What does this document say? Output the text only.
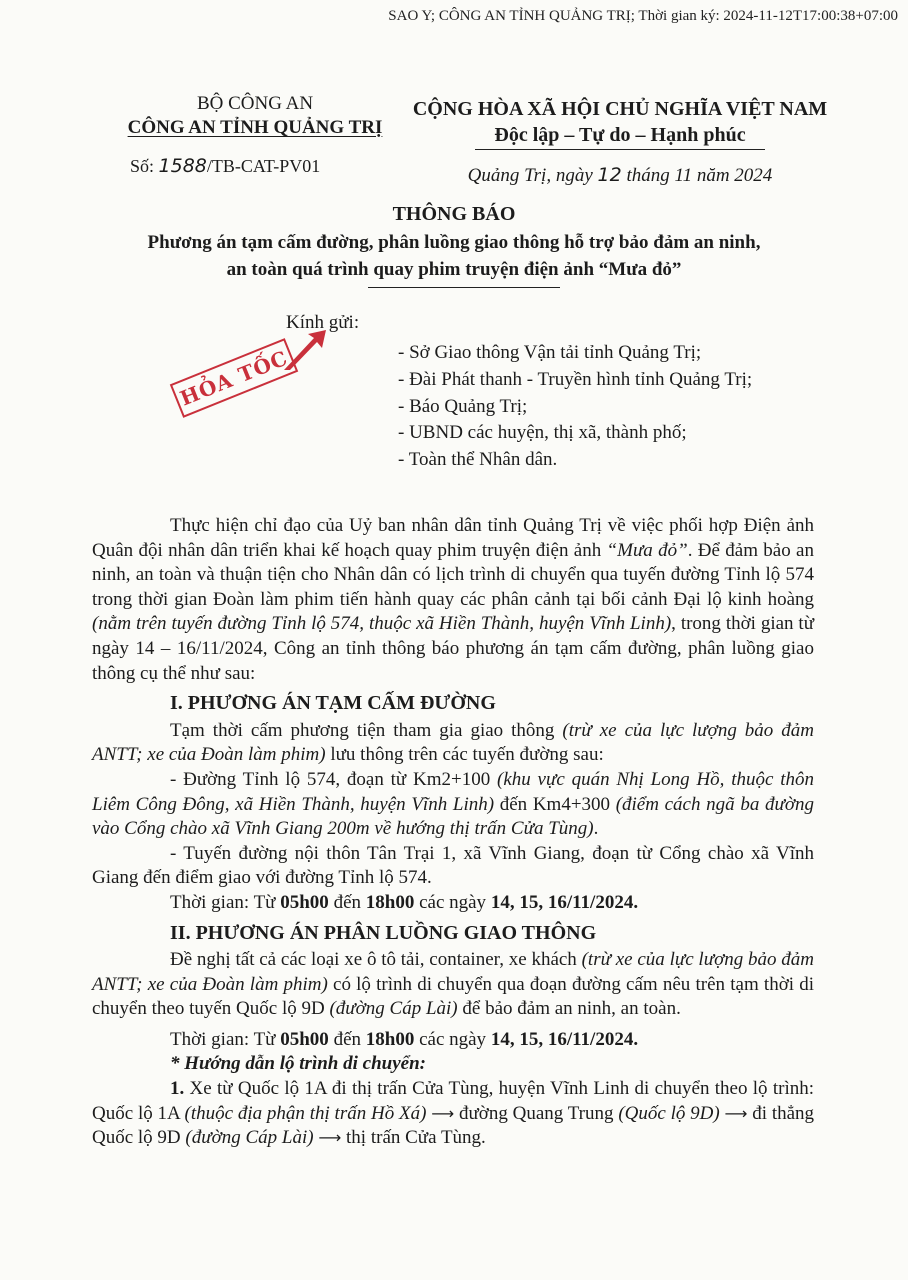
SAO Y; CÔNG AN TỈNH QUẢNG TRỊ; Thời gian ký: 2024-11-12T17:00:38+07:00
BỘ CÔNG AN
CÔNG AN TỈNH QUẢNG TRỊ
Số: 1588/TB-CAT-PV01
CỘNG HÒA XÃ HỘI CHỦ NGHĨA VIỆT NAM
Độc lập – Tự do – Hạnh phúc
Quảng Trị, ngày 12 tháng 11 năm 2024
THÔNG BÁO
Phương án tạm cấm đường, phân luồng giao thông hỗ trợ bảo đảm an ninh,
an toàn quá trình quay phim truyện điện ảnh “Mưa đỏ”
HỎA TỐC
Kính gửi:
- Sở Giao thông Vận tải tỉnh Quảng Trị;
- Đài Phát thanh - Truyền hình tỉnh Quảng Trị;
- Báo Quảng Trị;
- UBND các huyện, thị xã, thành phố;
- Toàn thể Nhân dân.

Thực hiện chỉ đạo của Uỷ ban nhân dân tỉnh Quảng Trị về việc phối hợp Điện ảnh Quân đội nhân dân triển khai kế hoạch quay phim truyện điện ảnh “Mưa đỏ”. Để đảm bảo an ninh, an toàn và thuận tiện cho Nhân dân có lịch trình di chuyển qua tuyến đường Tỉnh lộ 574 trong thời gian Đoàn làm phim tiến hành quay các phân cảnh tại bối cảnh Đại lộ kinh hoàng (nằm trên tuyến đường Tỉnh lộ 574, thuộc xã Hiền Thành, huyện Vĩnh Linh), trong thời gian từ ngày 14 – 16/11/2024, Công an tỉnh thông báo phương án tạm cấm đường, phân luồng giao thông cụ thể như sau:

I. PHƯƠNG ÁN TẠM CẤM ĐƯỜNG

Tạm thời cấm phương tiện tham gia giao thông (trừ xe của lực lượng bảo đảm ANTT; xe của Đoàn làm phim) lưu thông trên các tuyến đường sau:

- Đường Tỉnh lộ 574, đoạn từ Km2+100 (khu vực quán Nhị Long Hồ, thuộc thôn Liêm Công Đông, xã Hiền Thành, huyện Vĩnh Linh) đến Km4+300 (điểm cách ngã ba đường vào Cổng chào xã Vĩnh Giang 200m về hướng thị trấn Cửa Tùng).

- Tuyến đường nội thôn Tân Trại 1, xã Vĩnh Giang, đoạn từ Cổng chào xã Vĩnh Giang đến điểm giao với đường Tỉnh lộ 574.

Thời gian: Từ 05h00 đến 18h00 các ngày 14, 15, 16/11/2024.

II. PHƯƠNG ÁN PHÂN LUỒNG GIAO THÔNG

Đề nghị tất cả các loại xe ô tô tải, container, xe khách (trừ xe của lực lượng bảo đảm ANTT; xe của Đoàn làm phim) có lộ trình di chuyển qua đoạn đường cấm nêu trên tạm thời di chuyển theo tuyến Quốc lộ 9D (đường Cáp Lài) để bảo đảm an ninh, an toàn.

Thời gian: Từ 05h00 đến 18h00 các ngày 14, 15, 16/11/2024.

* Hướng dẫn lộ trình di chuyển:

1. Xe từ Quốc lộ 1A đi thị trấn Cửa Tùng, huyện Vĩnh Linh di chuyển theo lộ trình: Quốc lộ 1A (thuộc địa phận thị trấn Hồ Xá) ⟶ đường Quang Trung (Quốc lộ 9D) ⟶ đi thẳng Quốc lộ 9D (đường Cáp Lài) ⟶ thị trấn Cửa Tùng.
